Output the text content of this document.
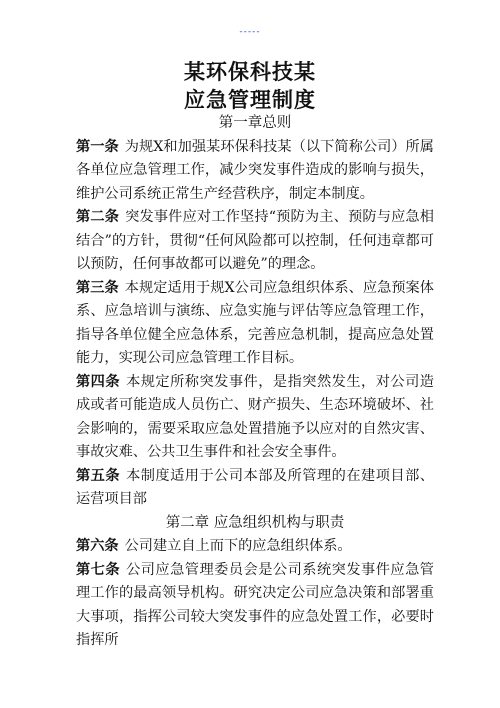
-----
某环保科技某
应急管理制度
第一章总则
第一条 为规X和加强某环保科技某（以下简称公司）所属各单位应急管理工作，减少突发事件造成的影响与损失，维护公司系统正常生产经营秩序，制定本制度。
第二条 突发事件应对工作坚持“预防为主、预防与应急相结合”的方针，贯彻“任何风险都可以控制，任何违章都可以预防，任何事故都可以避免”的理念。
第三条 本规定适用于规X公司应急组织体系、应急预案体系、应急培训与演练、应急实施与评估等应急管理工作，指导各单位健全应急体系，完善应急机制，提高应急处置能力，实现公司应急管理工作目标。
第四条 本规定所称突发事件，是指突然发生，对公司造成或者可能造成人员伤亡、财产损失、生态环境破坏、社会影响的，需要采取应急处置措施予以应对的自然灾害、事故灾难、公共卫生事件和社会安全事件。
第五条 本制度适用于公司本部及所管理的在建项目部、运营项目部
第二章 应急组织机构与职责
第六条 公司建立自上而下的应急组织体系。
第七条 公司应急管理委员会是公司系统突发事件应急管理工作的最高领导机构。研究决定公司应急决策和部署重大事项，指挥公司较大突发事件的应急处置工作，必要时指挥所
